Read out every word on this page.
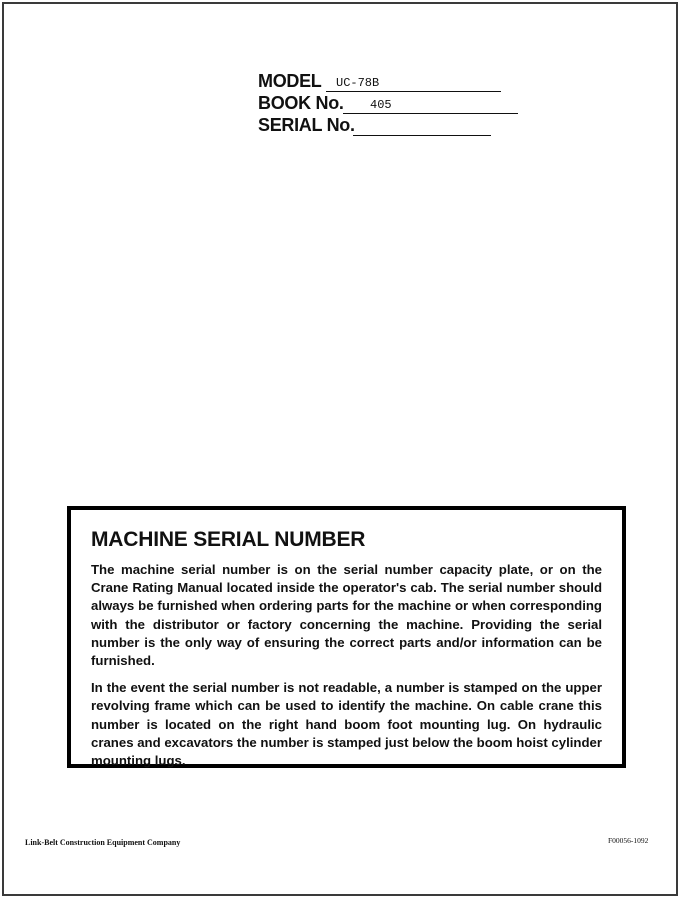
MODEL	UC-78B
BOOK No.	405
SERIAL No.
MACHINE SERIAL NUMBER

The machine serial number is on the serial number capacity plate, or on the Crane Rating Manual located inside the operator's cab. The serial number should always be furnished when ordering parts for the machine or when corresponding with the distributor or factory concerning the machine. Providing the serial number is the only way of ensuring the correct parts and/or information can be furnished.

In the event the serial number is not readable, a number is stamped on the upper revolving frame which can be used to identify the machine. On cable crane this number is located on the right hand boom foot mounting lug. On hydraulic cranes and excavators the number is stamped just below the boom hoist cylinder mounting lugs.

Link-Belt Construction Equipment Company	F00056-1092
